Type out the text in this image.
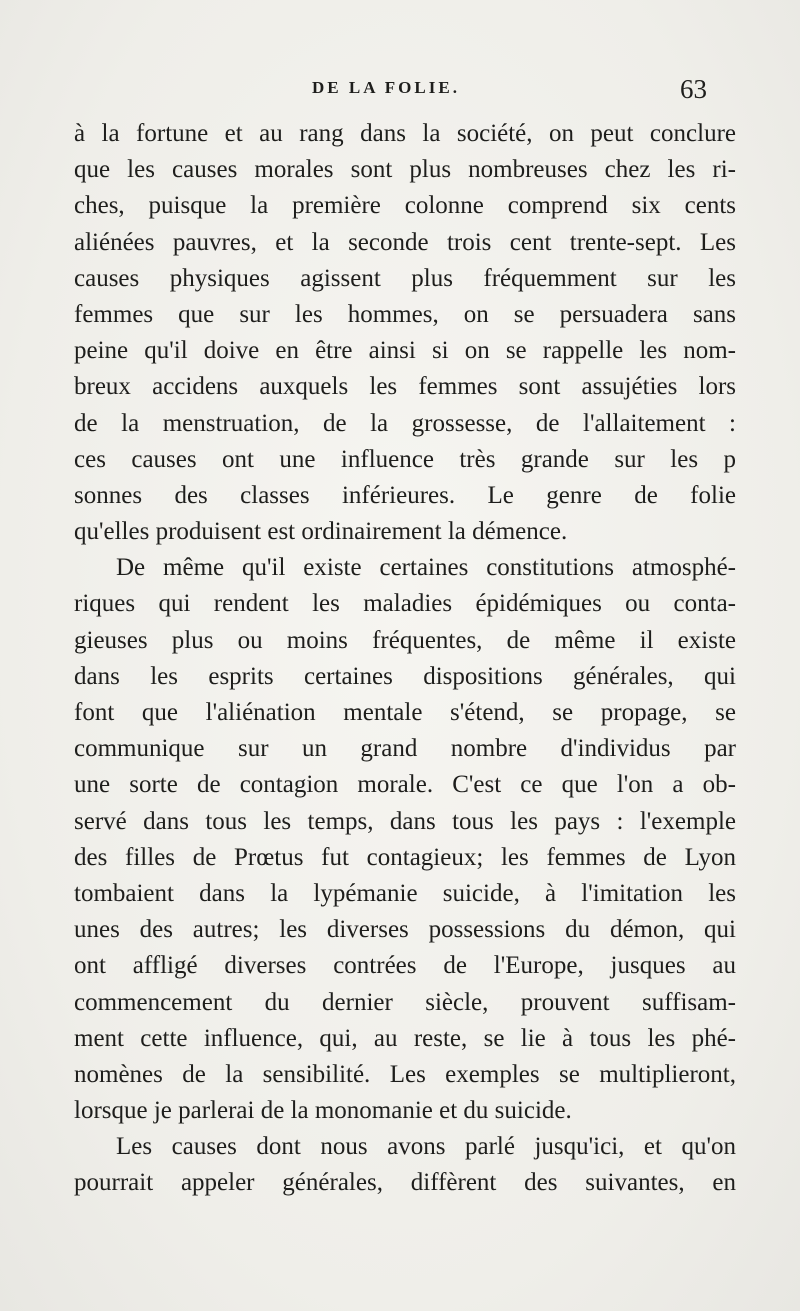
DE LA FOLIE.	63
à la fortune et au rang dans la société, on peut conclure
que les causes morales sont plus nombreuses chez les ri-
ches, puisque la première colonne comprend six cents
aliénées pauvres, et la seconde trois cent trente-sept. Les
causes physiques agissent plus fréquemment sur les
femmes que sur les hommes, on se persuadera sans
peine qu'il doive en être ainsi si on se rappelle les nom-
breux accidens auxquels les femmes sont assujéties lors
de la menstruation, de la grossesse, de l'allaitement :
ces causes ont une influence très grande sur les p
sonnes des classes inférieures. Le genre de folie
qu'elles produisent est ordinairement la démence.
De même qu'il existe certaines constitutions atmosphé-
riques qui rendent les maladies épidémiques ou conta-
gieuses plus ou moins fréquentes, de même il existe
dans les esprits certaines dispositions générales, qui
font que l'aliénation mentale s'étend, se propage, se
communique sur un grand nombre d'individus par
une sorte de contagion morale. C'est ce que l'on a ob-
servé dans tous les temps, dans tous les pays : l'exemple
des filles de Prœtus fut contagieux; les femmes de Lyon
tombaient dans la lypémanie suicide, à l'imitation les
unes des autres; les diverses possessions du démon, qui
ont affligé diverses contrées de l'Europe, jusques au
commencement du dernier siècle, prouvent suffisam-
ment cette influence, qui, au reste, se lie à tous les phé-
nomènes de la sensibilité. Les exemples se multiplieront,
lorsque je parlerai de la monomanie et du suicide.
Les causes dont nous avons parlé jusqu'ici, et qu'on
pourrait appeler générales, diffèrent des suivantes, en
